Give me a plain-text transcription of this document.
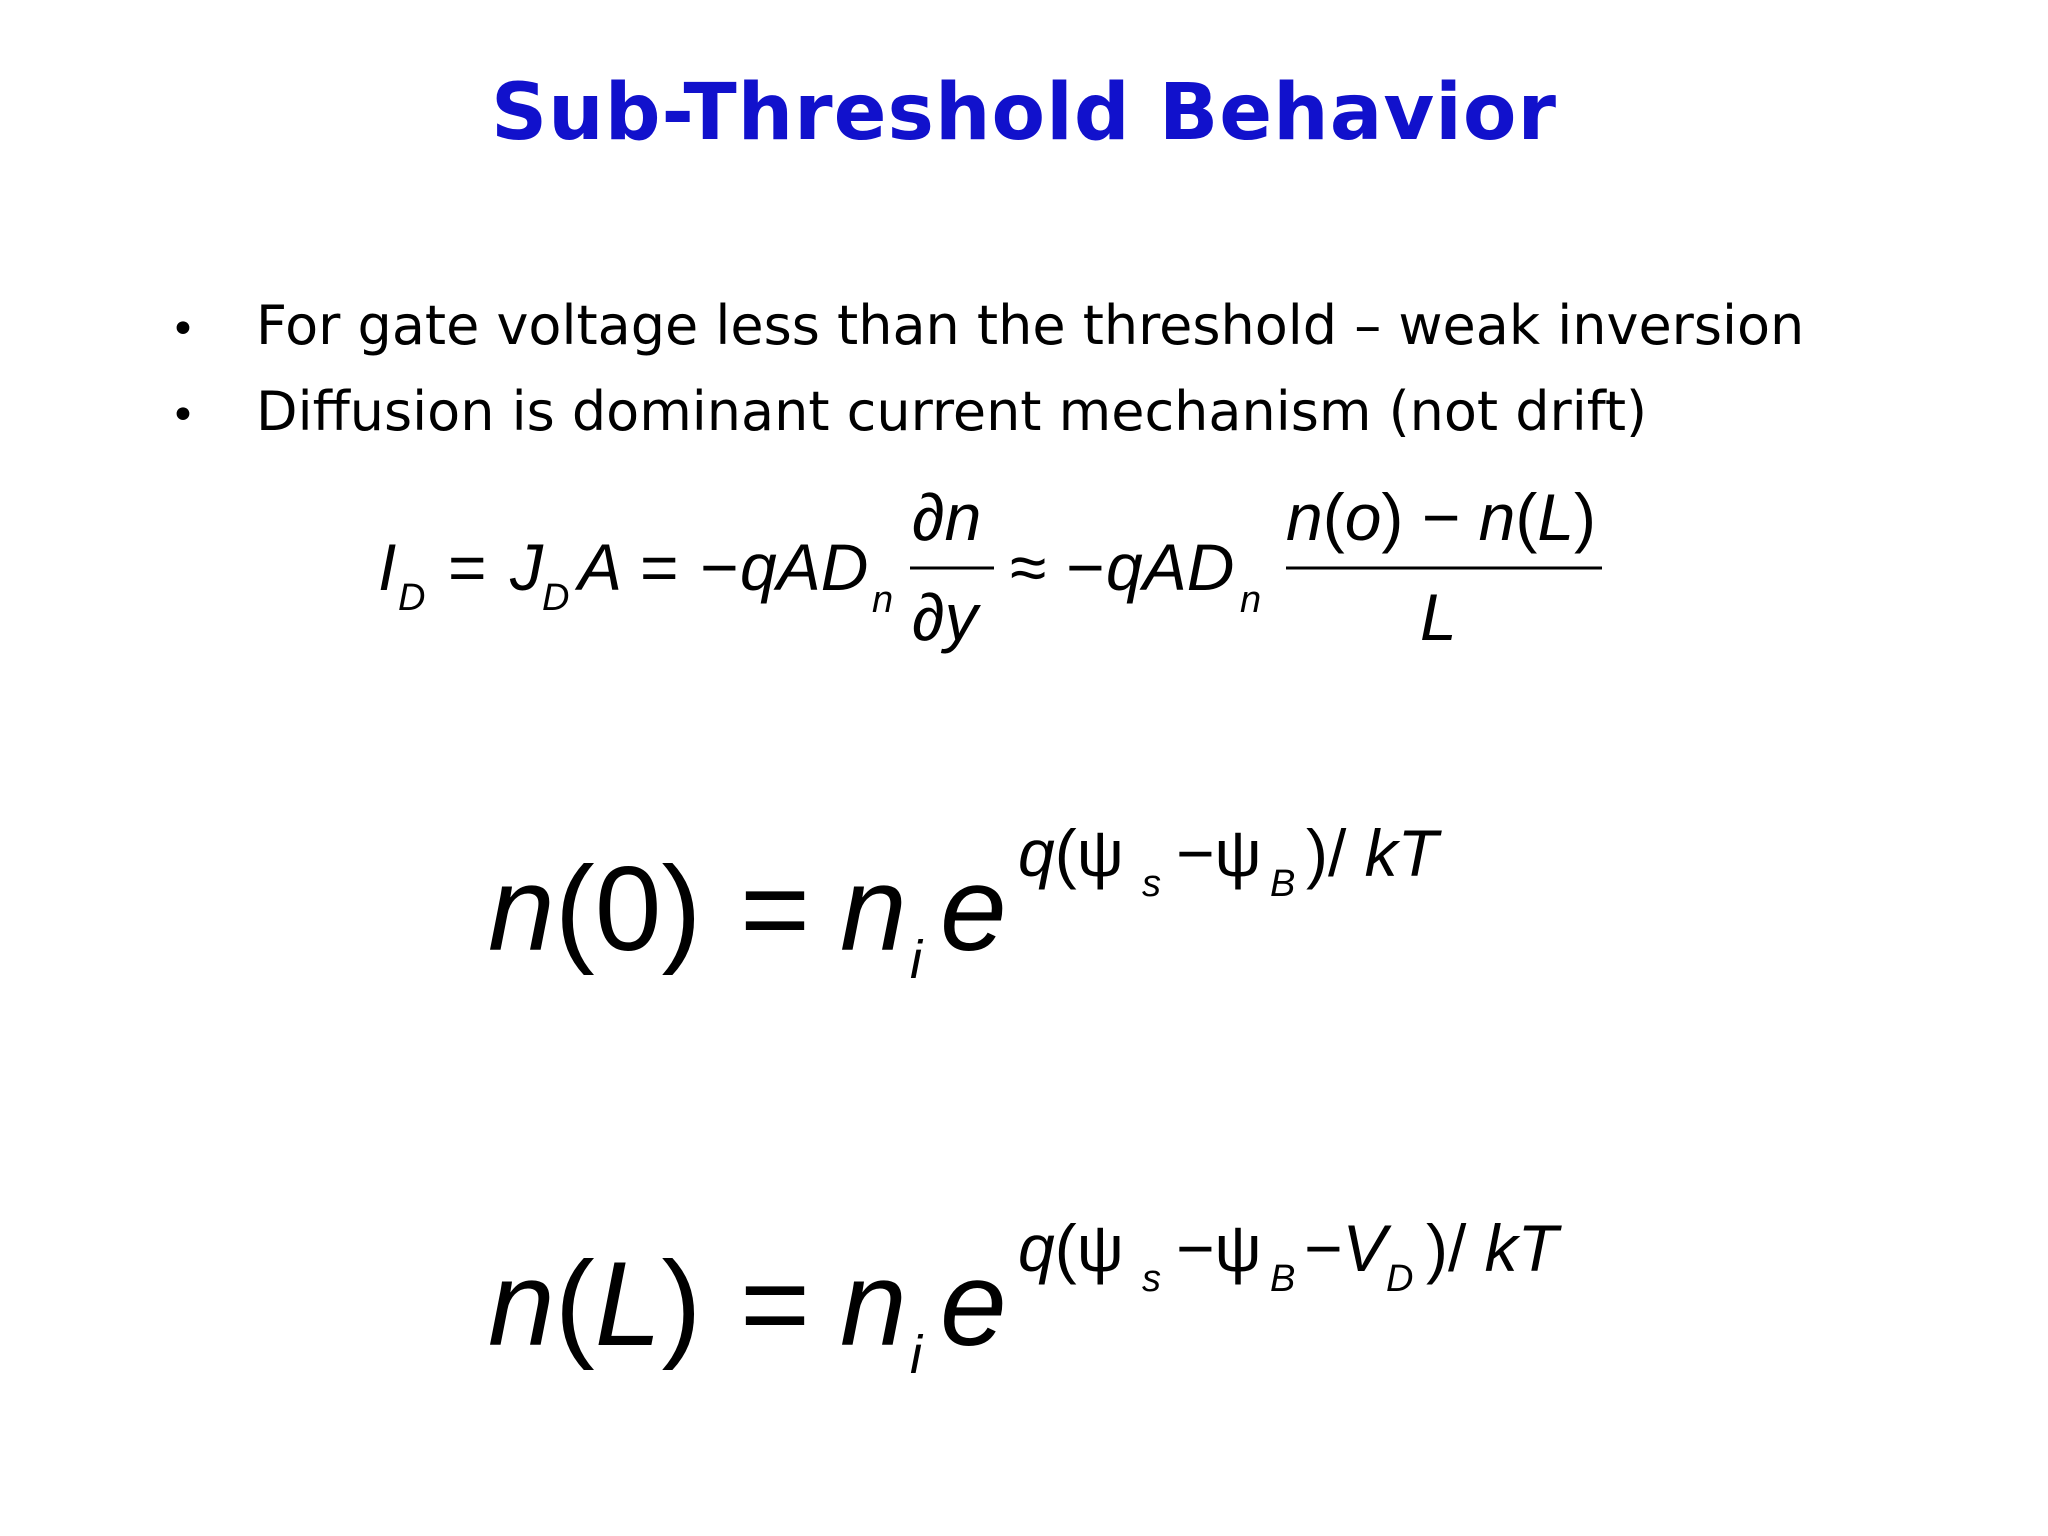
Sub-Threshold Behavior
•	For gate voltage less than the threshold – weak inversion
•	Diffusion is dominant current mechanism (not drift)
I D = J D A = − qAD n
∂n
∂y
≈ − qAD n
n(o) − n(L)
L
n(0) = n i e q(ψ s −ψ B )/ kT
n(L) = n i e q(ψ s −ψ B −V D )/ kT
